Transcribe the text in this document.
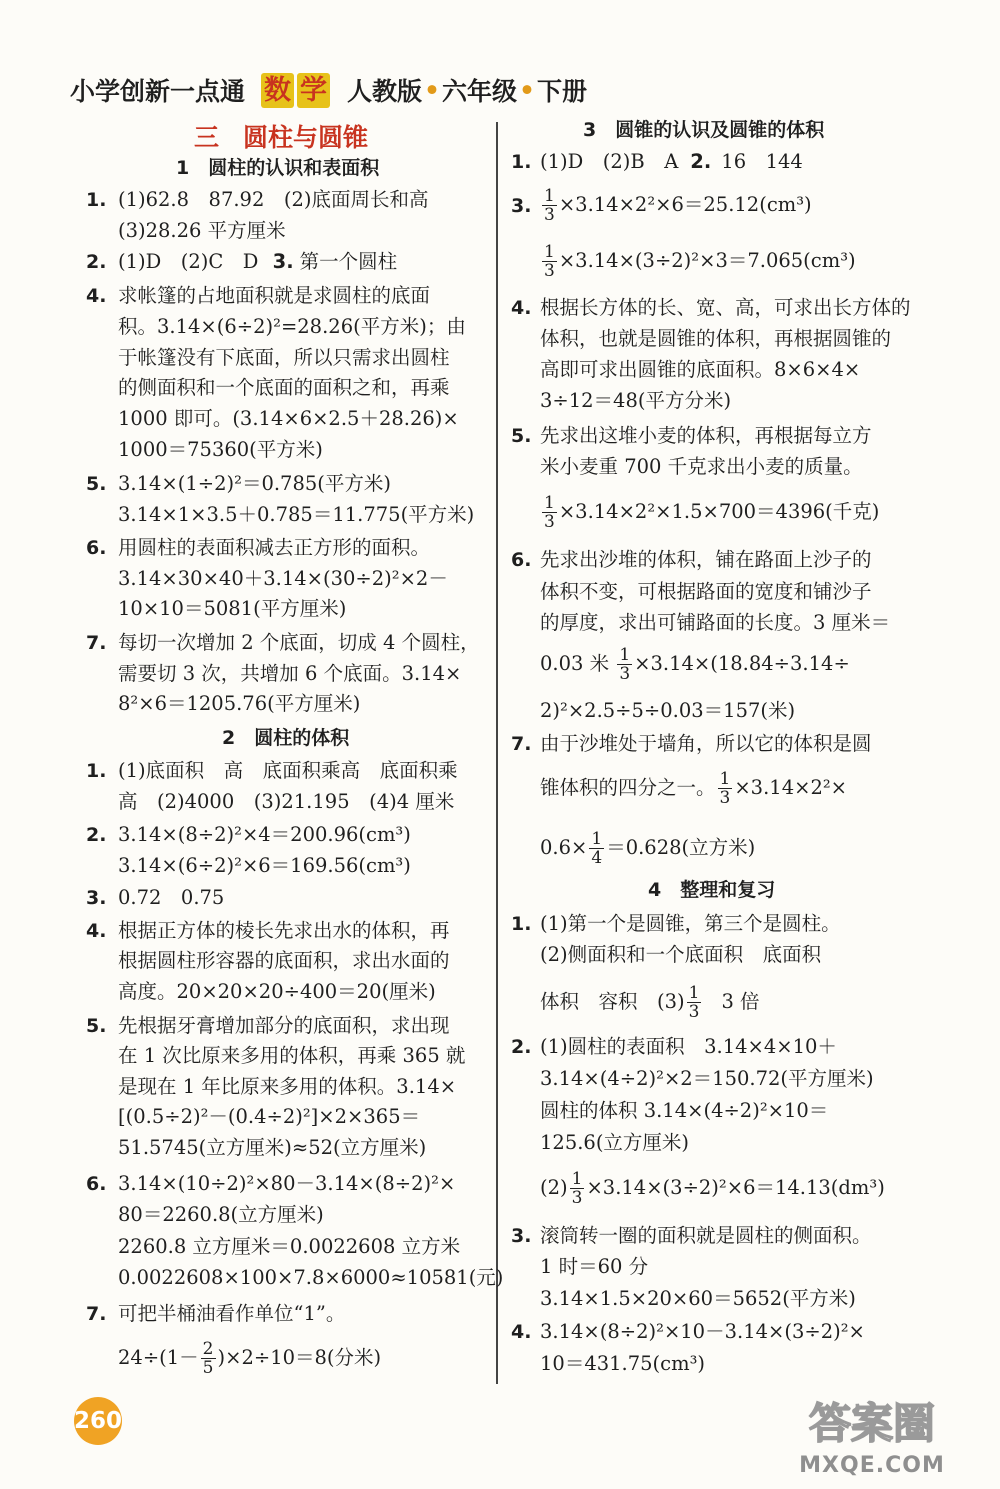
小学创新一点通 数 学 人教版 • 六年级 • 下册
三 圆柱与圆锥
1　圆柱的认识和表面积
1. (1)62.8　87.92　(2)底面周长和高
(3)28.26 平方厘米
2. (1)D　(2)C　D 3. 第一个圆柱
4. 求帐篷的占地面积就是求圆柱的底面
积。3.14×(6÷2)²=28.26(平方米)；由
于帐篷没有下底面，所以只需求出圆柱
的侧面积和一个底面的面积之和，再乘
1000 即可。(3.14×6×2.5＋28.26)×
1000＝75360(平方米)
5. 3.14×(1÷2)²＝0.785(平方米)
3.14×1×3.5＋0.785＝11.775(平方米)
6. 用圆柱的表面积减去正方形的面积。
3.14×30×40＋3.14×(30÷2)²×2－
10×10＝5081(平方厘米)
7. 每切一次增加 2 个底面，切成 4 个圆柱，
需要切 3 次，共增加 6 个底面。3.14×
8²×6＝1205.76(平方厘米)
2　圆柱的体积
1. (1)底面积　高　底面积乘高　底面积乘
高　(2)4000　(3)21.195　(4)4 厘米
2. 3.14×(8÷2)²×4＝200.96(cm³)
3.14×(6÷2)²×6＝169.56(cm³)
3. 0.72　0.75
4. 根据正方体的棱长先求出水的体积，再
根据圆柱形容器的底面积，求出水面的
高度。20×20×20÷400＝20(厘米)
5. 先根据牙膏增加部分的底面积，求出现
在 1 次比原来多用的体积，再乘 365 就
是现在 1 年比原来多用的体积。3.14×
[(0.5÷2)²－(0.4÷2)²]×2×365＝
51.5745(立方厘米)≈52(立方厘米)
6. 3.14×(10÷2)²×80－3.14×(8÷2)²×
80＝2260.8(立方厘米)
2260.8 立方厘米＝0.0022608 立方米
0.0022608×100×7.8×6000≈10581(元)
7. 可把半桶油看作单位“1”。
$24\div(1- \frac{2}{5} )\times 2\div 10=8$(分米)
3　圆锥的认识及圆锥的体积
1. (1)D　(2)B　A 2. 16　144
3. $\frac{1}{3} \times 3.14\times 2^2\times 6=25.12(cm^3)$
$\frac{1}{3} \times 3.14\times(3\div 2)^2\times 3=7.065(cm^3)$
4. 根据长方体的长、宽、高，可求出长方体的
体积，也就是圆锥的体积，再根据圆锥的
高即可求出圆锥的底面积。8×6×4×
3÷12＝48(平方分米)
5. 先求出这堆小麦的体积，再根据每立方
米小麦重 700 千克求出小麦的质量。
$\frac{1}{3} \times 3.14\times 2^2\times 1.5\times 700=4396$(千克)
6. 先求出沙堆的体积，铺在路面上沙子的
体积不变，可根据路面的宽度和铺沙子
的厚度，求出可铺路面的长度。3 厘米＝
0.03 米 $\frac{1}{3} \times 3.14\times(18.84\div 3.14\div$
2)²×2.5÷5÷0.03＝157(米)
7. 由于沙堆处于墙角，所以它的体积是圆
锥体积的四分之一。 $\frac{1}{3} \times 3.14\times 2^2\times$
$0.6\times \frac{1}{4} =0.628$(立方米)
4　整理和复习
1. (1)第一个是圆锥，第三个是圆柱。
(2)侧面积和一个底面积　底面积
体积　容积　$(3) \frac{1}{3} 3$ 倍
2. (1)圆柱的表面积　3.14×4×10＋
3.14×(4÷2)²×2＝150.72(平方厘米)
圆柱的体积 3.14×(4÷2)²×10＝
125.6(立方厘米)
$(2) \frac{1}{3} \times 3.14\times(3\div 2)^2\times 6=14.13(dm^3)$
3. 滚筒转一圈的面积就是圆柱的侧面积。
1 时＝60 分
3.14×1.5×20×60＝5652(平方米)
4. 3.14×(8÷2)²×10－3.14×(3÷2)²×
10＝431.75(cm³)
260	答案圈
MXQE.COM
